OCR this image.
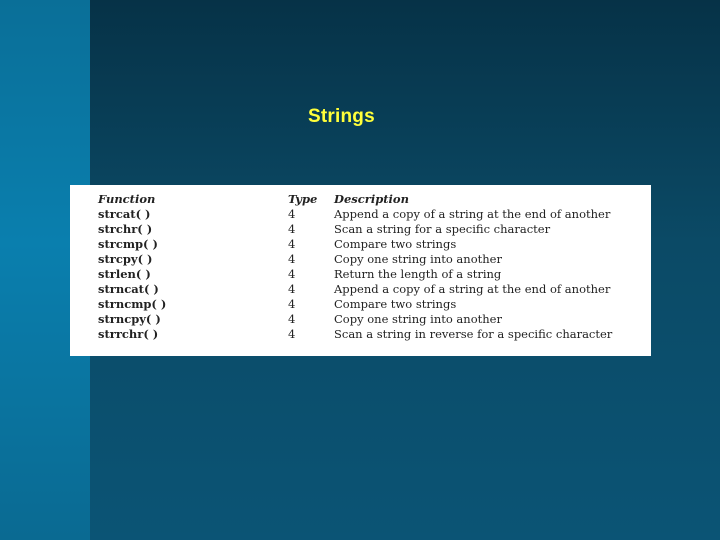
Strings
Function	Type	Description
strcat( )	4	Append a copy of a string at the end of another
strchr( )	4	Scan a string for a specific character
strcmp( )	4	Compare two strings
strcpy( )	4	Copy one string into another
strlen( )	4	Return the length of a string
strncat( )	4	Append a copy of a string at the end of another
strncmp( )	4	Compare two strings
strncpy( )	4	Copy one string into another
strrchr( )	4	Scan a string in reverse for a specific character
